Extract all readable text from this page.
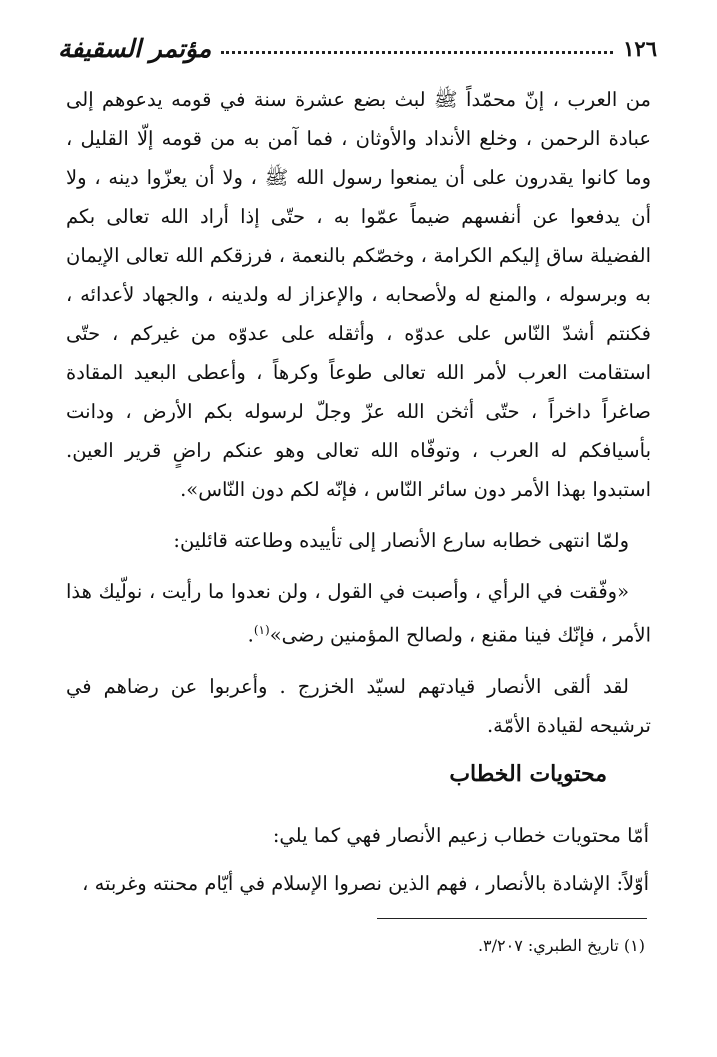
١٢٦
مؤتمر السقيفة

من العرب ، إنّ محمّداً ﷺ لبث بضع عشرة سنة في قومه يدعوهم إلى عبادة الرحمن ، وخلع الأنداد والأوثان ، فما آمن به من قومه إلّا القليل ، وما كانوا يقدرون على أن يمنعوا رسول الله ﷺ ، ولا أن يعزّوا دينه ، ولا أن يدفعوا عن أنفسهم ضيماً عمّوا به ، حتّى إذا أراد الله تعالى بكم الفضيلة ساق إليكم الكرامة ، وخصّكم بالنعمة ، فرزقكم الله تعالى الإيمان به وبرسوله ، والمنع له ولأصحابه ، والإعزاز له ولدينه ، والجهاد لأعدائه ، فكنتم أشدّ النّاس على عدوّه ، وأثقله على عدوّه من غيركم ، حتّى استقامت العرب لأمر الله تعالى طوعاً وكرهاً ، وأعطى البعيد المقادة صاغراً داخراً ، حتّى أثخن الله عزّ وجلّ لرسوله بكم الأرض ، ودانت بأسيافكم له العرب ، وتوفّاه الله تعالى وهو عنكم راضٍ قرير العين. استبدوا بهذا الأمر دون سائر النّاس ، فإنّه لكم دون النّاس».

ولمّا انتهى خطابه سارع الأنصار إلى تأييده وطاعته قائلين:

«وفّقت في الرأي ، وأصبت في القول ، ولن نعدوا ما رأيت ، نولّيك هذا الأمر ، فإنّك فينا مقنع ، ولصالح المؤمنين رضى»$^{(١)}$.

لقد ألقى الأنصار قيادتهم لسيّد الخزرج . وأعربوا عن رضاهم في ترشيحه لقيادة الأمّة.

محتويات الخطاب

أمّا محتويات خطاب زعيم الأنصار فهي كما يلي:

أوّلاً: الإشادة بالأنصار ، فهم الذين نصروا الإسلام في أيّام محنته وغربته ،

(١) تاريخ الطبري: ٣/٢٠٧.
